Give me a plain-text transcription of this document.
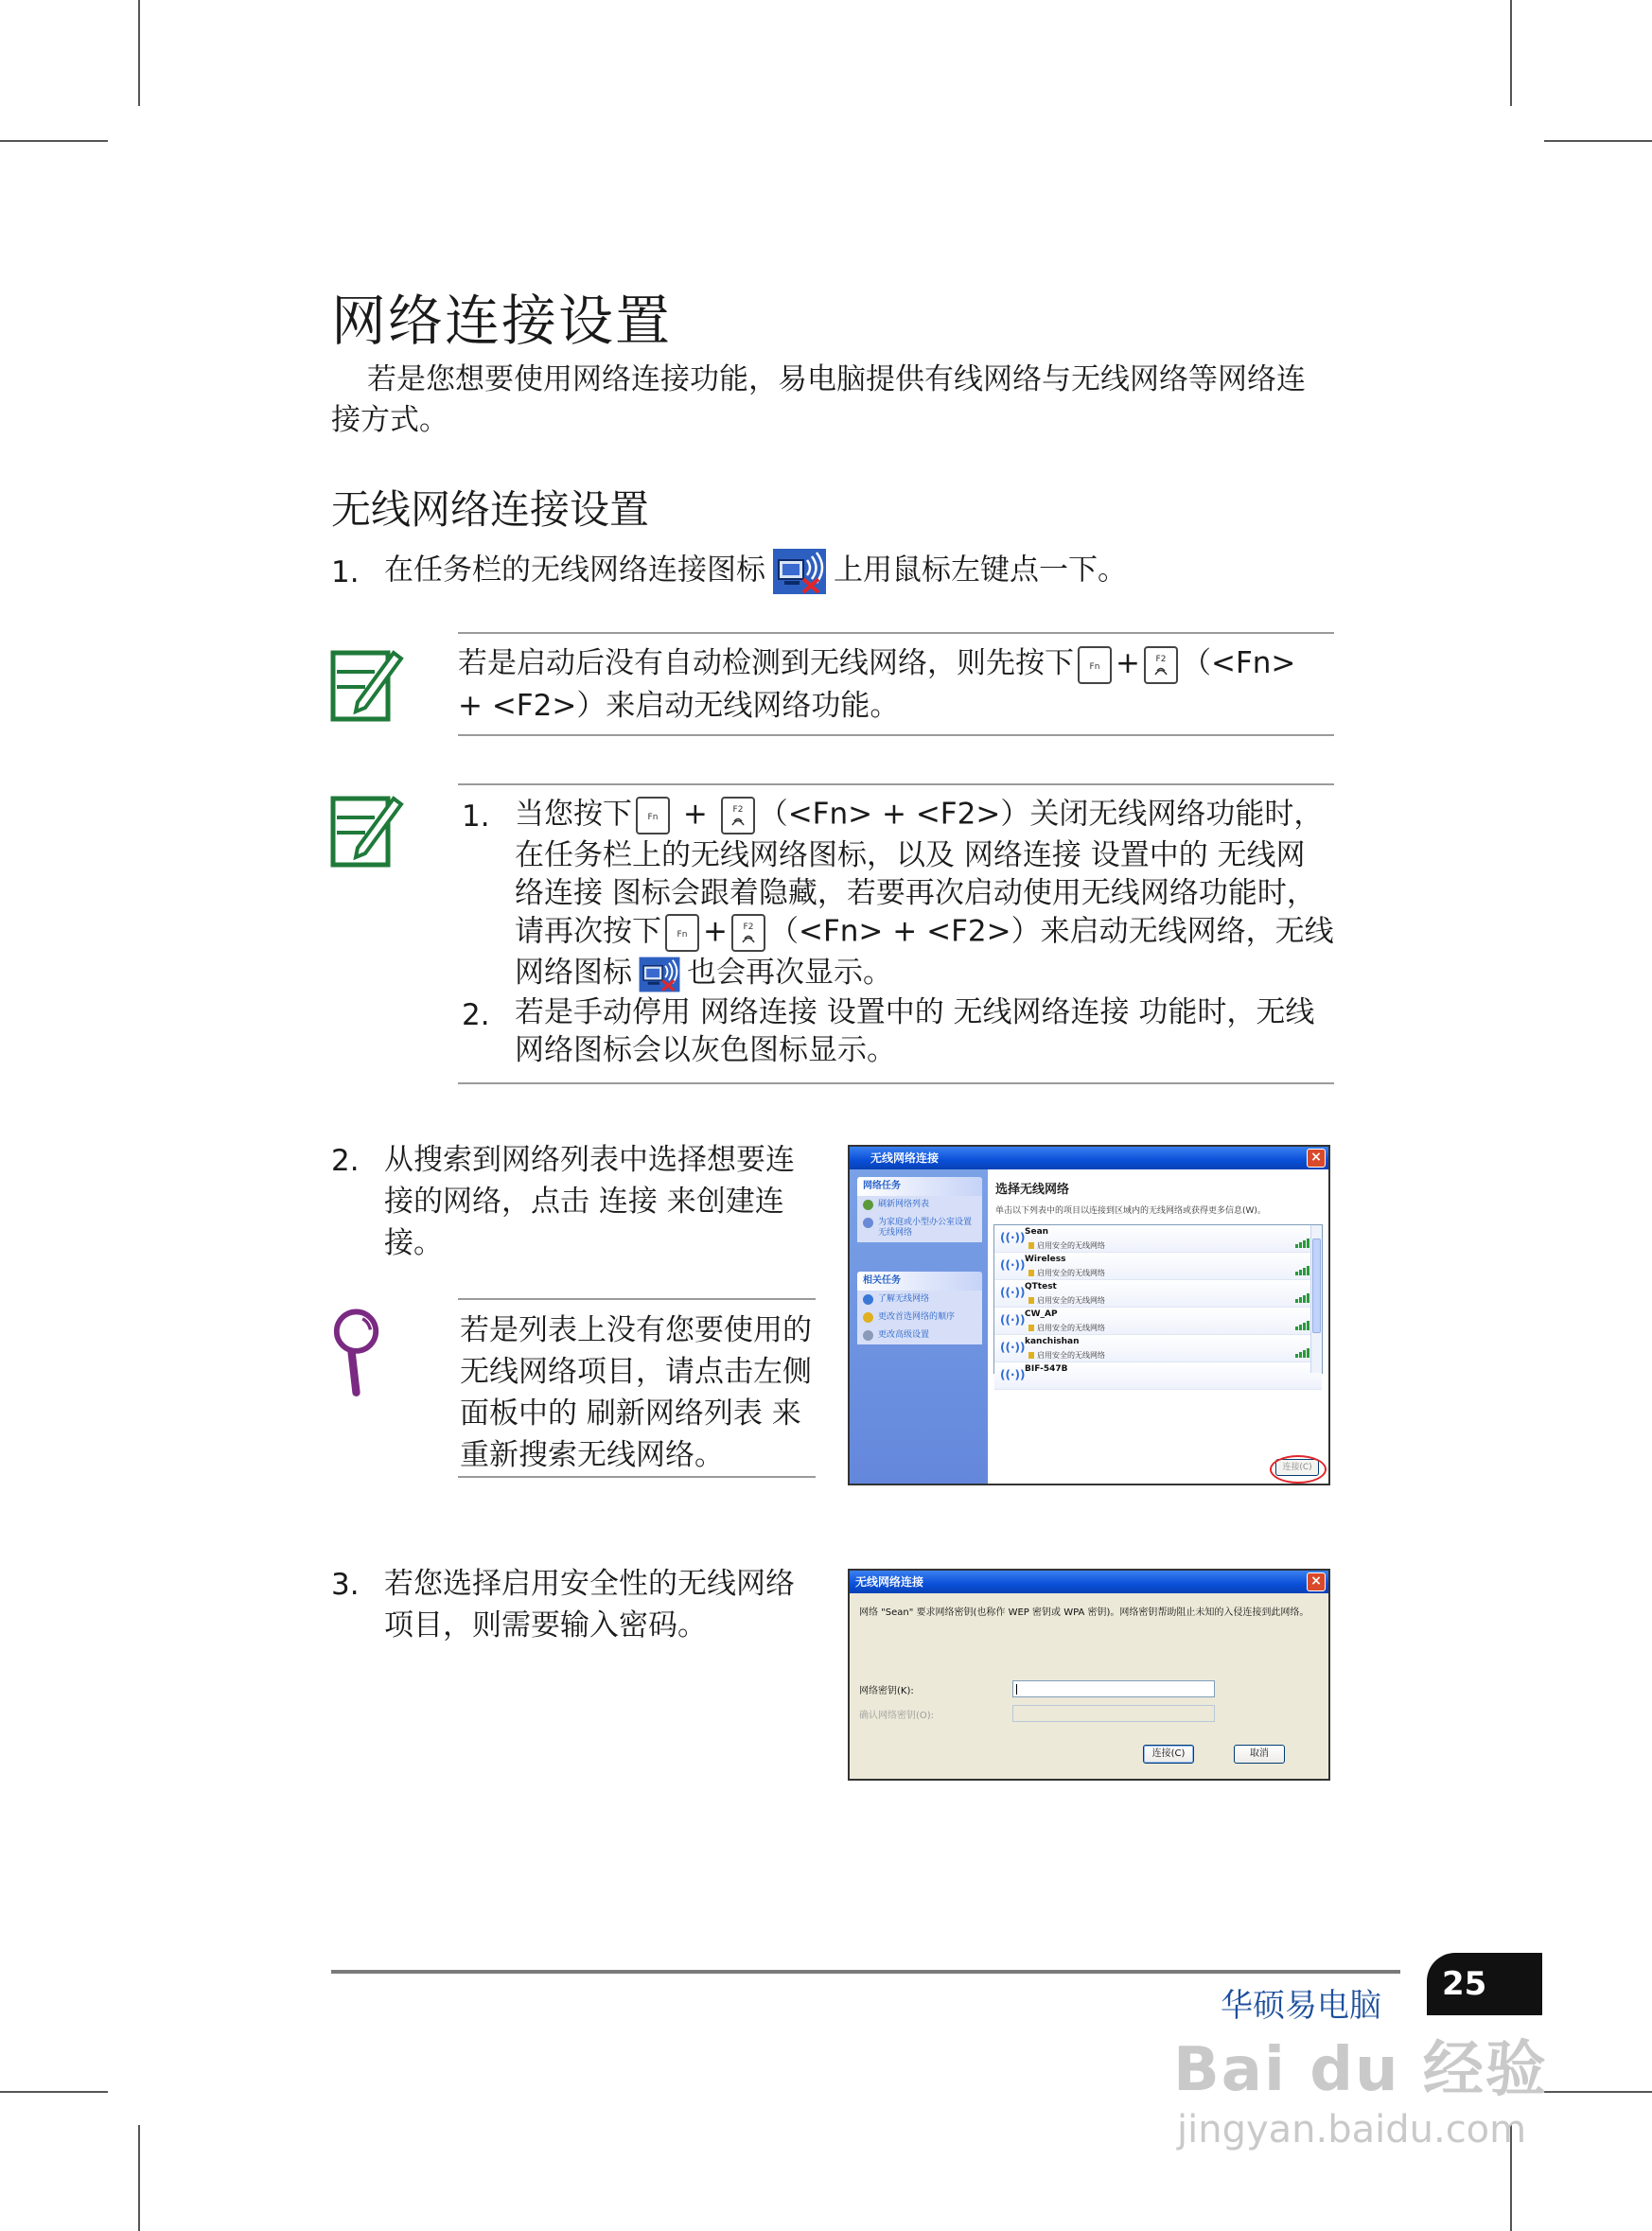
网络连接设置
若是您想要使用网络连接功能，易电脑提供有线网络与无线网络等网络连接方式。
无线网络连接设置
1. 在任务栏的无线网络连接图标 上用鼠标左键点一下。
若是启动后没有自动检测到无线网络，则先按下 Fn + F2 （<Fn>
+ <F2>）来启动无线网络功能。
1. 当您按下 Fn +	F2 （<Fn> + <F2>）关闭无线网络功能时，
在任务栏上的无线网络图标，以及 网络连接 设置中的 无线网
络连接 图标会跟着隐藏，若要再次启动使用无线网络功能时，
请再次按下 Fn + F2 （<Fn> + <F2>）来启动无线网络，无线
网络图标 也会再次显示。
2. 若是手动停用 网络连接 设置中的 无线网络连接 功能时，无线
网络图标会以灰色图标显示。
2. 从搜索到网络列表中选择想要连
接的网络，点击 连接 来创建连
接。
若是列表上没有您要使用的
无线网络项目，请点击左侧
面板中的 刷新网络列表 来
重新搜索无线网络。
无线网络连接	×
网络任务
刷新网络列表
为家庭或小型办公室设置无线网络
相关任务
了解无线网络
更改首选网络的顺序
更改高级设置
选择无线网络
单击以下列表中的项目以连接到区域内的无线网络或获得更多信息(W)。
((·)) Sean
启用安全的无线网络
((·)) Wireless
启用安全的无线网络
((·)) QTtest
启用安全的无线网络
((·)) CW_AP
启用安全的无线网络
((·)) kanchishan
启用安全的无线网络
((·)) BIF-547B
连接(C)
3. 若您选择启用安全性的无线网络
项目，则需要输入密码。
无线网络连接	×
网络 "Sean" 要求网络密钥(也称作 WEP 密钥或 WPA 密钥)。网络密钥帮助阻止未知的入侵连接到此网络。
网络密钥(K):
确认网络密钥(O):
连接(C)	取消
华硕易电脑
25
Bai du 经验
jingyan.baidu.com
